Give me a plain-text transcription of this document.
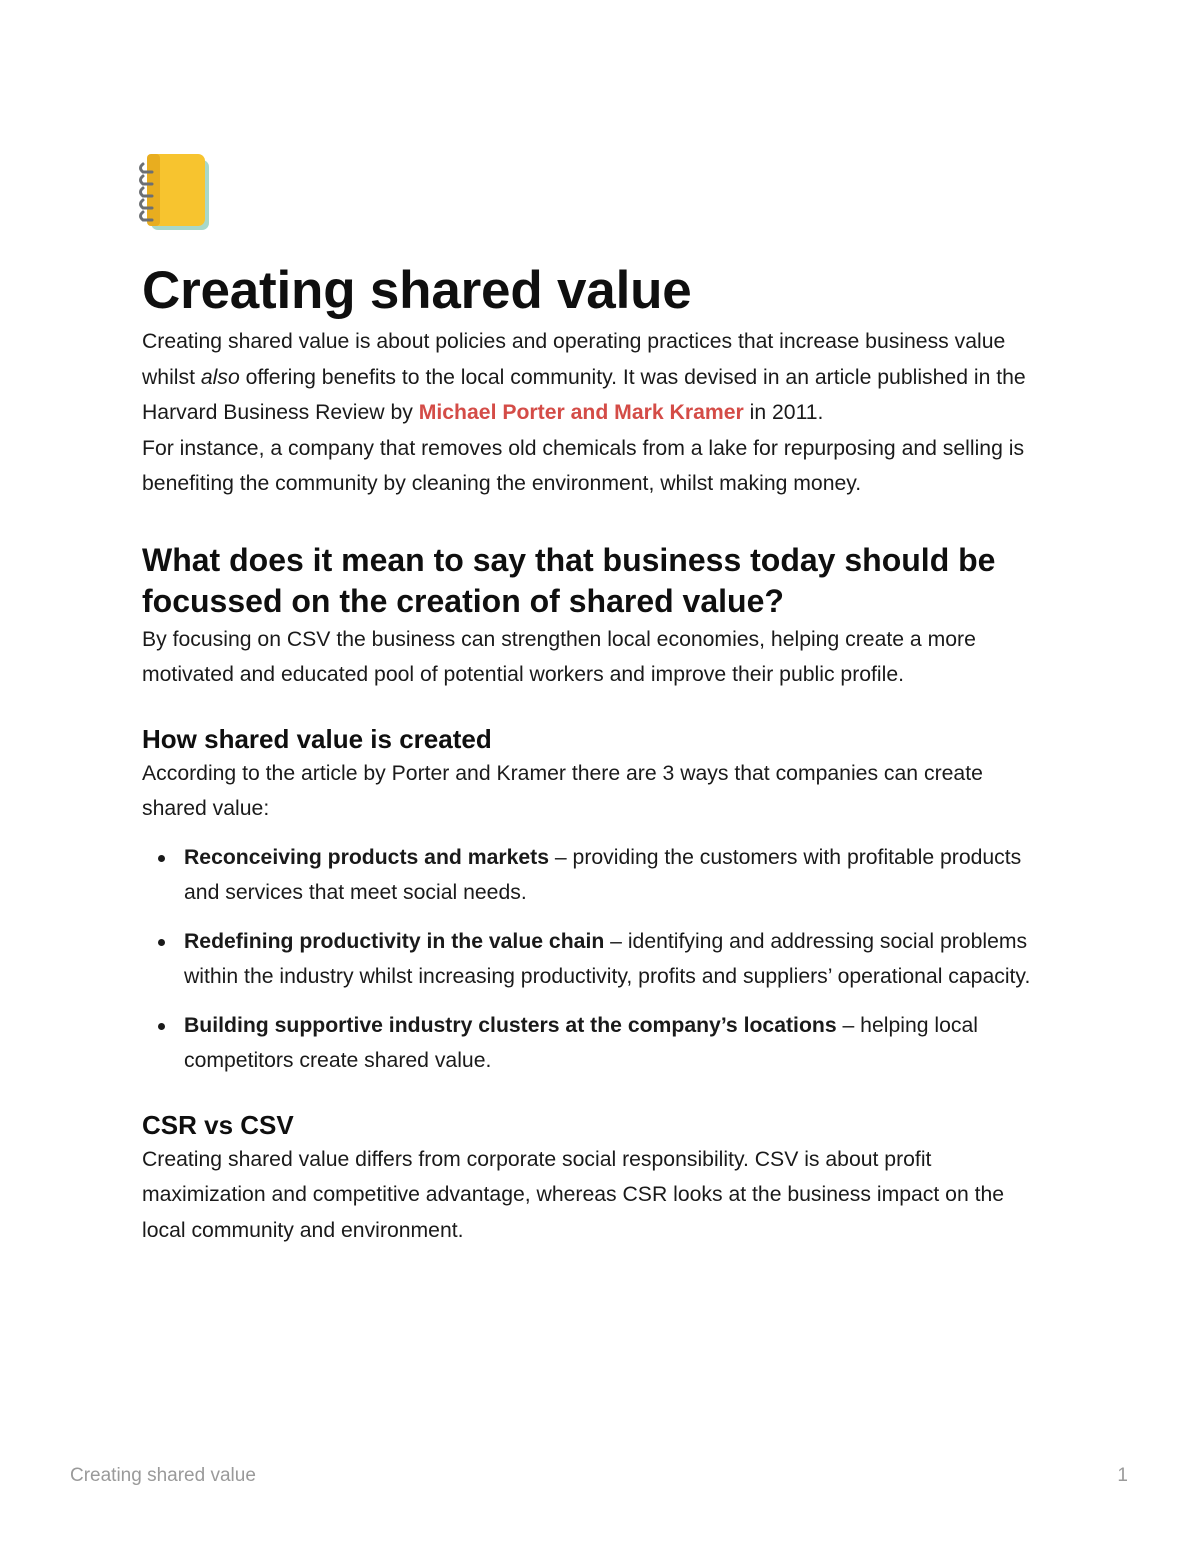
Creating shared value

Creating shared value is about policies and operating practices that increase business value whilst also offering benefits to the local community. It was devised in an article published in the Harvard Business Review by Michael Porter and Mark Kramer in 2011.

For instance, a company that removes old chemicals from a lake for repurposing and selling is benefiting the community by cleaning the environment, whilst making money.

What does it mean to say that business today should be focussed on the creation of shared value?

By focusing on CSV the business can strengthen local economies, helping create a more motivated and educated pool of potential workers and improve their public profile.

How shared value is created

According to the article by Porter and Kramer there are 3 ways that companies can create shared value:

Reconceiving products and markets – providing the customers with profitable products and services that meet social needs.
Redefining productivity in the value chain – identifying and addressing social problems within the industry whilst increasing productivity, profits and suppliers’ operational capacity.
Building supportive industry clusters at the company’s locations – helping local competitors create shared value.
CSR vs CSV

Creating shared value differs from corporate social responsibility. CSV is about profit maximization and competitive advantage, whereas CSR looks at the business impact on the local community and environment.

Creating shared value	1
